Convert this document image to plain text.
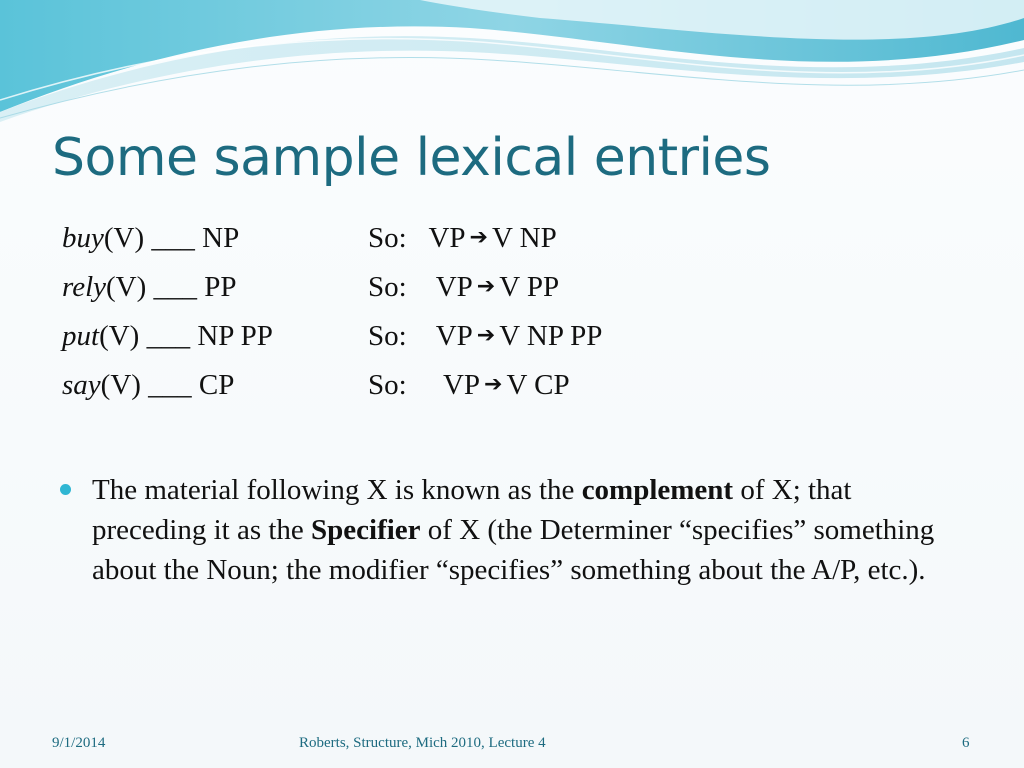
Some sample lexical entries
buy(V) ___ NP	So: VP ➔ V NP
rely(V) ___ PP	So: VP ➔ V PP
put(V) ___ NP PP	So: VP ➔ V NP PP
say(V) ___ CP	So: VP ➔ V CP
The material following X is known as the complement of X; that preceding it as the Specifier of X (the Determiner “specifies” something about the Noun; the modifier “specifies” something about the A/P, etc.).
9/1/2014	Roberts, Structure, Mich 2010, Lecture 4	6
